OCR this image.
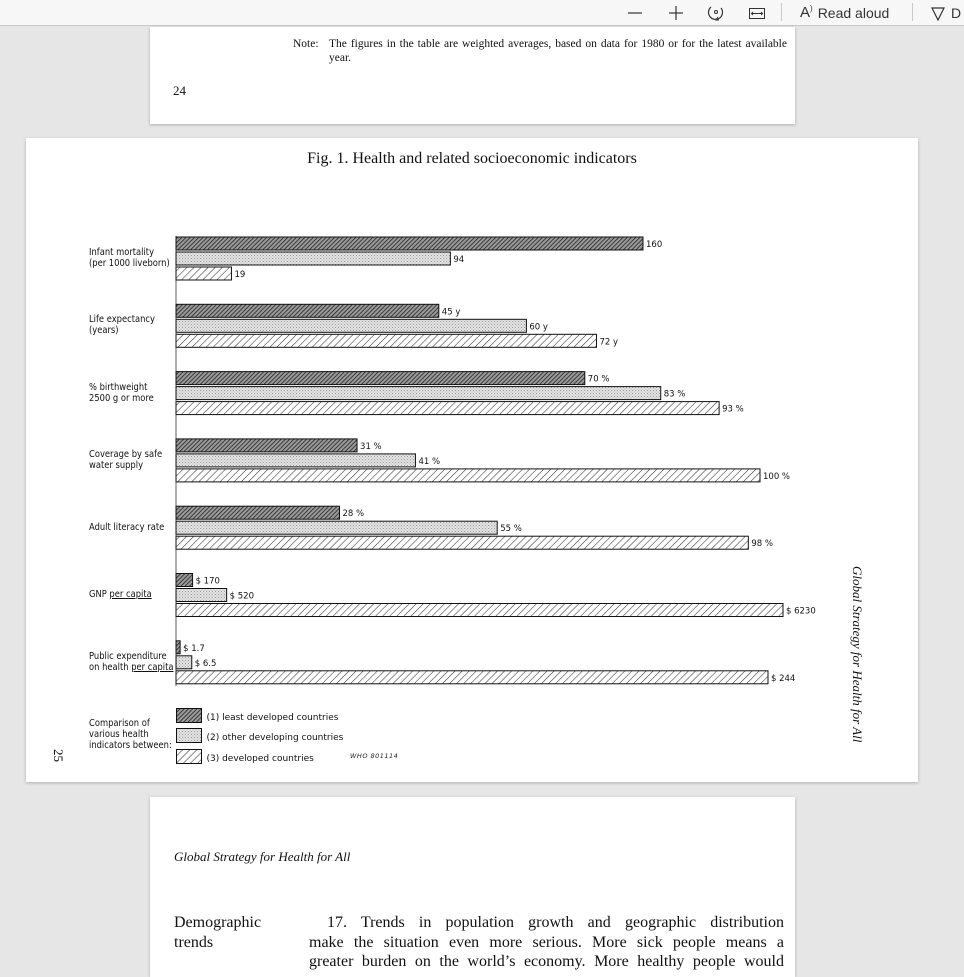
A) Read aloud	D
Note: The figures in the table are weighted averages, based on data for 1980 or for the latest available year.
24
Fig. 1. Health and related socioeconomic indicators
160
94
19
45 y
60 y
72 y
70 %
83 %
93 %
31 %
41 %
100 %
28 %
55 %
98 %
$ 170
$ 520
$ 6230
$ 1.7
$ 6.5
$ 244
Infant mortality
(per 1000 liveborn)
Life expectancy
(years)
% birthweight
2500 g or more
Coverage by safe
water supply
Adult literacy rate
GNP per capita
Public expenditure
on health per capita
Comparison of
various health
indicators between:
(1) least developed countries
(2) other developing countries
(3) developed countries	WHO 801114
Global Strategy for Health for All
25
Global Strategy for Health for All
Demographic
trends
17. Trends in population growth and geographic distribution
make the situation even more serious. More sick people means a
greater burden on the world’s economy. More healthy people would
